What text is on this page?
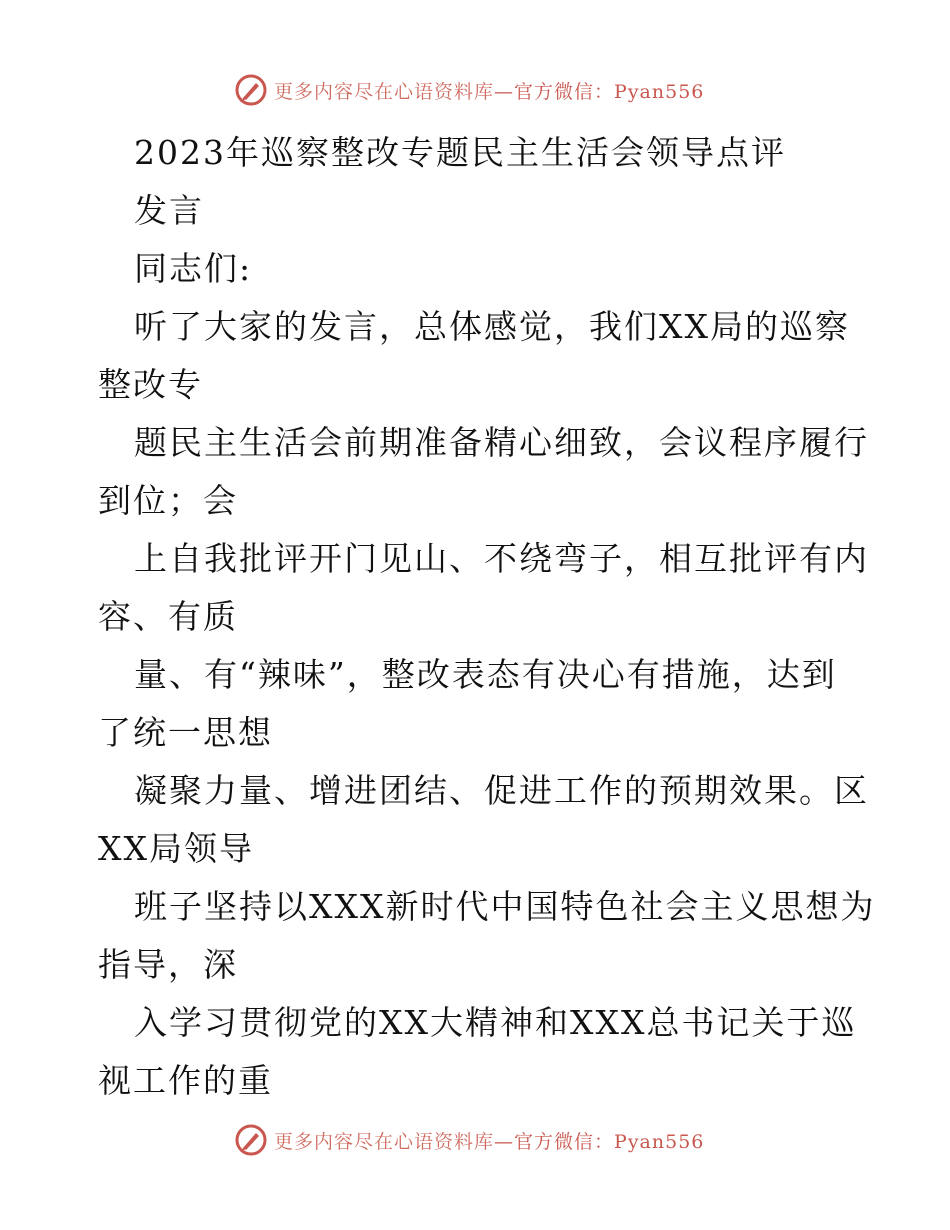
更多内容尽在心语资料库—官方微信：Pyan556
2023年巡察整改专题民主生活会领导点评
发言
同志们:
听了大家的发言，总体感觉，我们XX局的巡察
整改专
题民主生活会前期准备精心细致，会议程序履行
到位；会
上自我批评开门见山、不绕弯子，相互批评有内
容、有质
量、有“辣味”，整改表态有决心有措施，达到
了统一思想
凝聚力量、增进团结、促进工作的预期效果。区
XX局领导
班子坚持以XXX新时代中国特色社会主义思想为
指导，深
入学习贯彻党的XX大精神和XXX总书记关于巡
视工作的重
更多内容尽在心语资料库—官方微信：Pyan556
